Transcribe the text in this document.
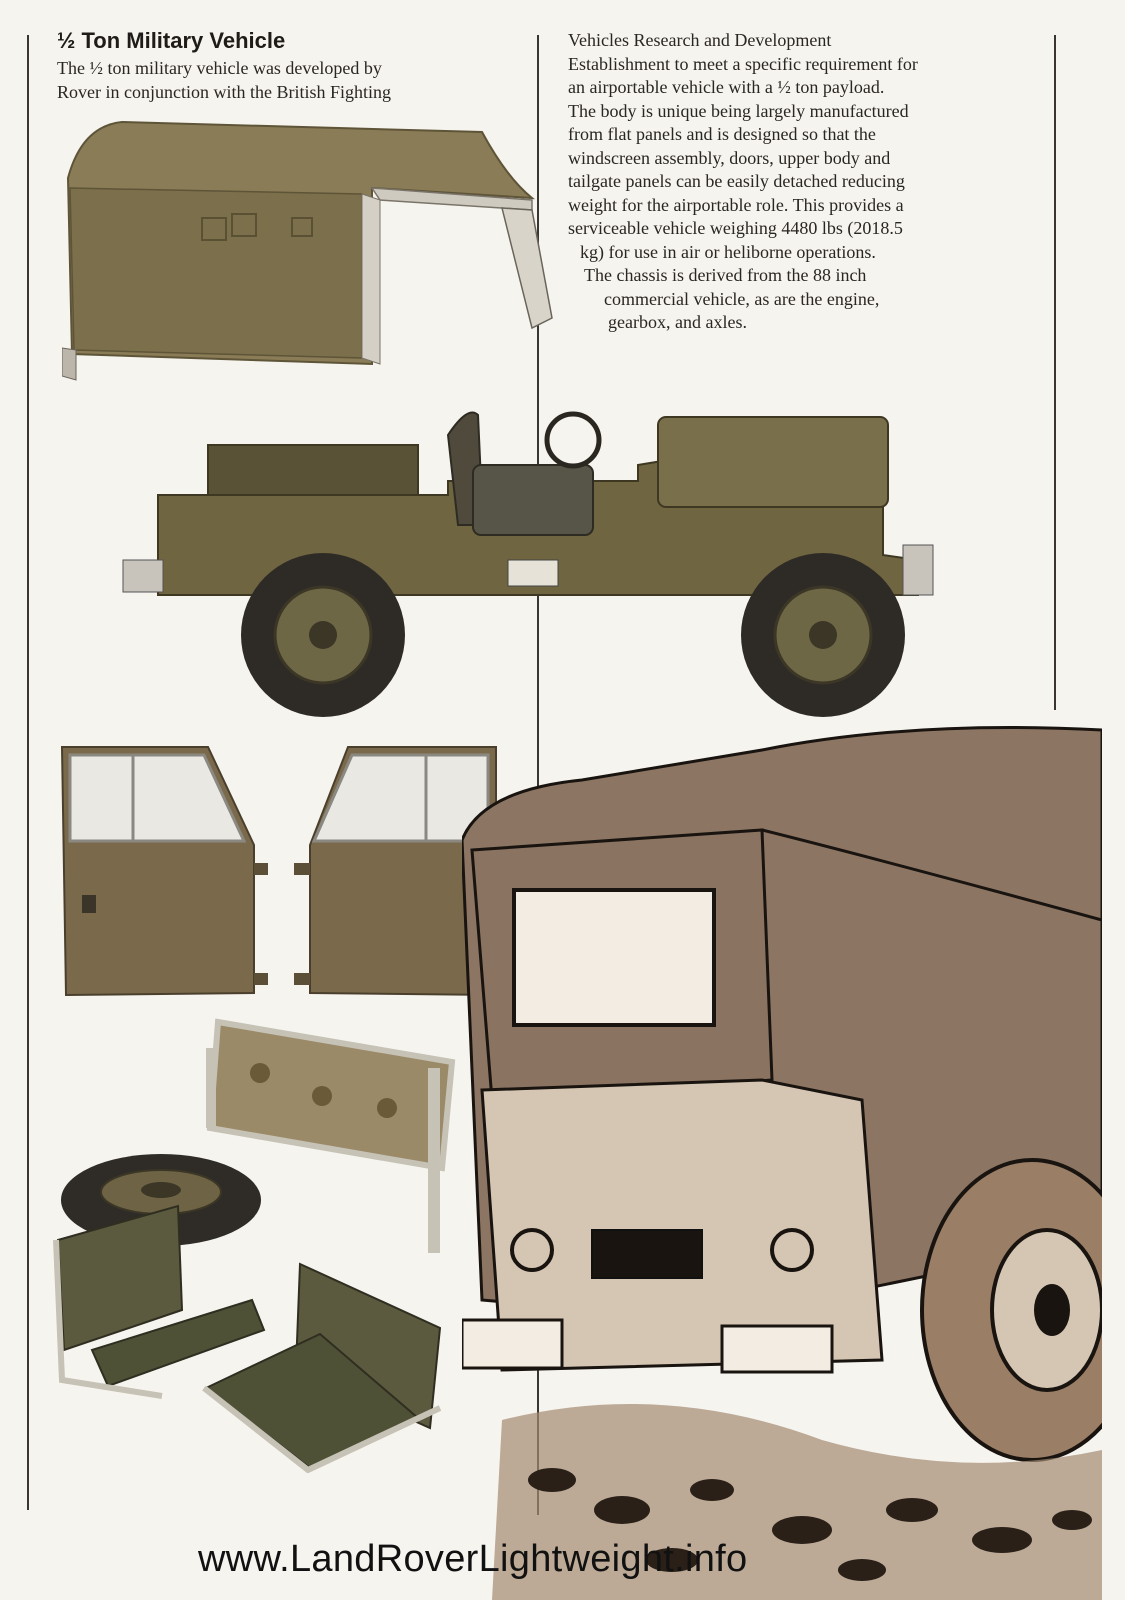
½ Ton Military Vehicle
The ½ ton military vehicle was developed by
Rover in conjunction with the British Fighting
Vehicles Research and Development
Establishment to meet a specific requirement for
an airportable vehicle with a ½ ton payload.
The body is unique being largely manufactured
from flat panels and is designed so that the
windscreen assembly, doors, upper body and
tailgate panels can be easily detached reducing
weight for the airportable role. This provides a
serviceable vehicle weighing 4480 lbs (2018.5
kg) for use in air or heliborne operations.
The chassis is derived from the 88 inch
commercial vehicle, as are the engine,
gearbox, and axles.
www.LandRoverLightweight.info
